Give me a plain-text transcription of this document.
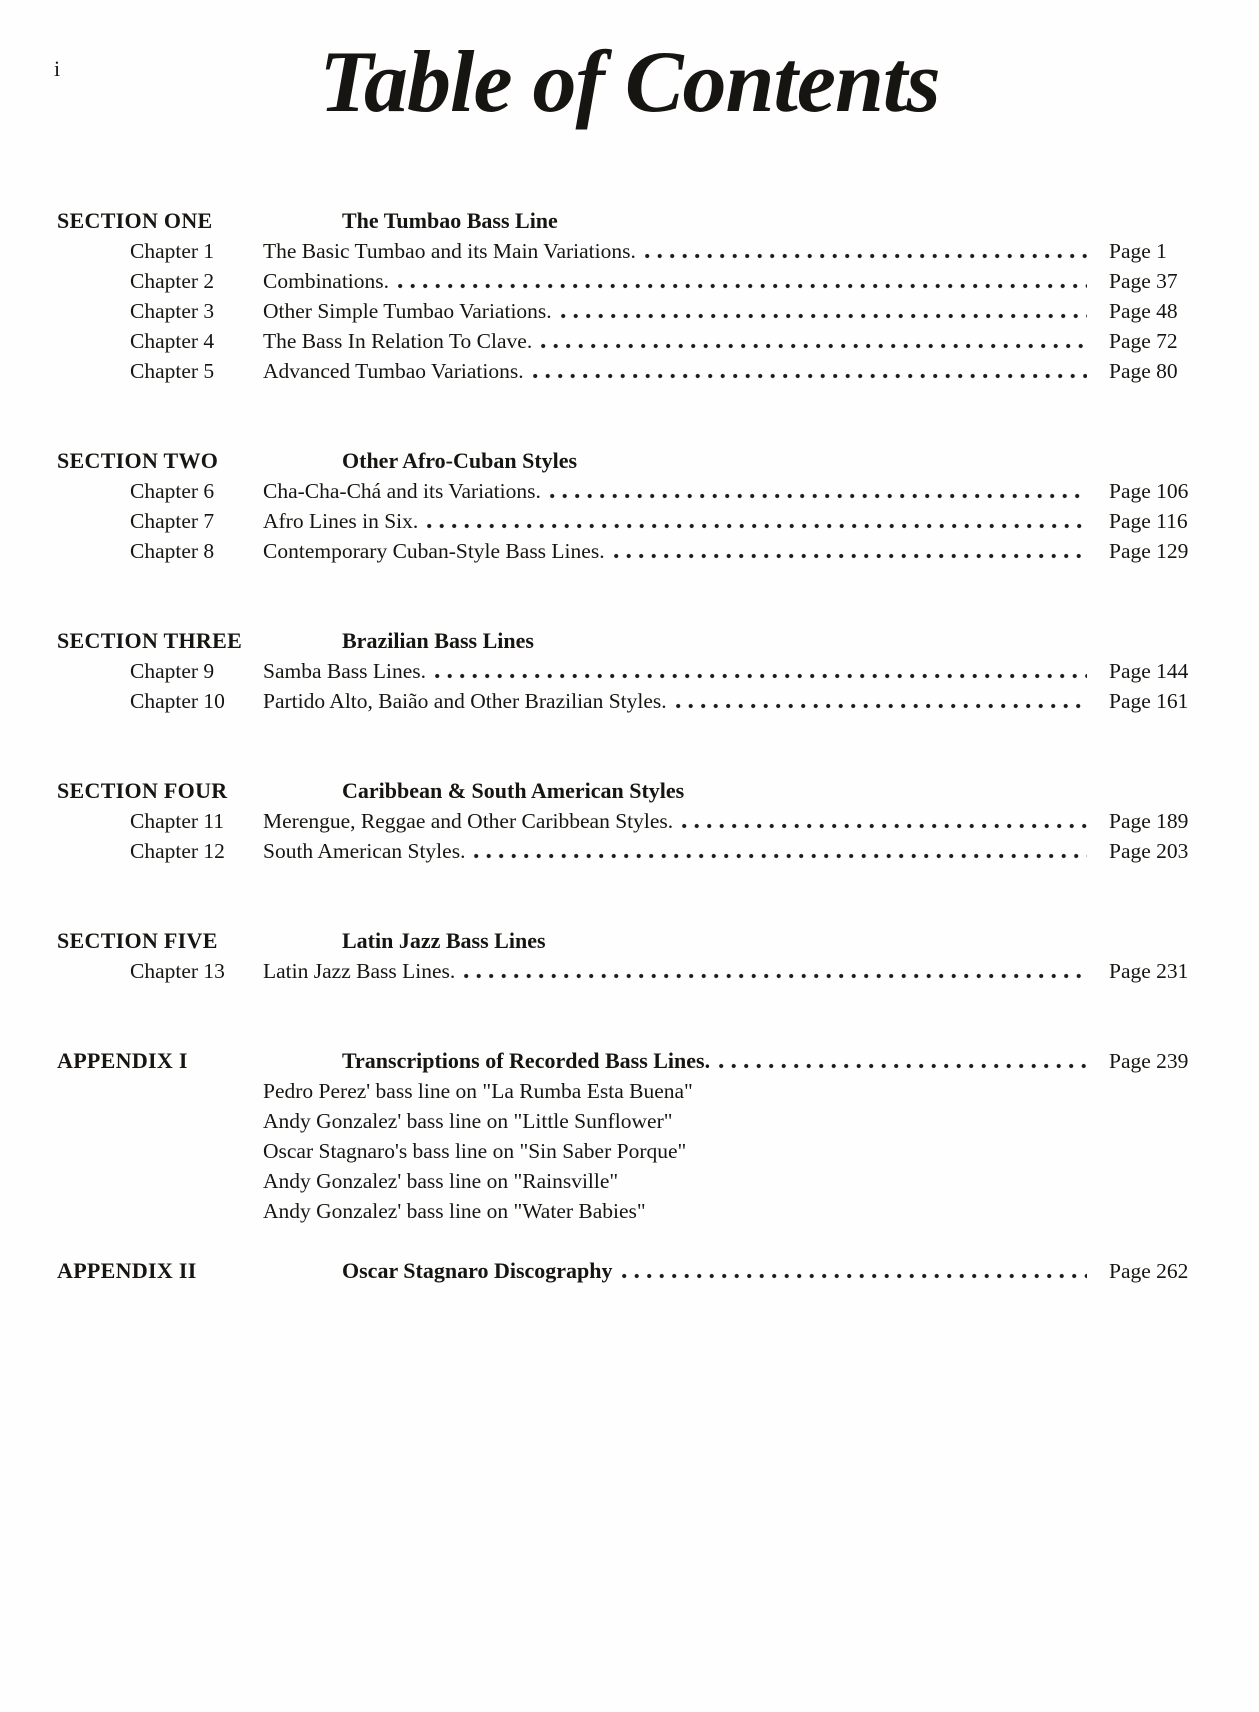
i	Table of Contents
SECTION ONE	The Tumbao Bass Line
Chapter 1	The Basic Tumbao and its Main Variations.	Page 1
Chapter 2	Combinations.	Page 37
Chapter 3	Other Simple Tumbao Variations.	Page 48
Chapter 4	The Bass In Relation To Clave.	Page 72
Chapter 5	Advanced Tumbao Variations.	Page 80
SECTION TWO	Other Afro-Cuban Styles
Chapter 6	Cha-Cha-Chá and its Variations.	Page 106
Chapter 7	Afro Lines in Six.	Page 116
Chapter 8	Contemporary Cuban-Style Bass Lines.	Page 129
SECTION THREE	Brazilian Bass Lines
Chapter 9	Samba Bass Lines.	Page 144
Chapter 10	Partido Alto, Baião and Other Brazilian Styles.	Page 161
SECTION FOUR	Caribbean & South American Styles
Chapter 11	Merengue, Reggae and Other Caribbean Styles.	Page 189
Chapter 12	South American Styles.	Page 203
SECTION FIVE	Latin Jazz Bass Lines
Chapter 13	Latin Jazz Bass Lines.	Page 231
APPENDIX I	Transcriptions of Recorded Bass Lines.	Page 239
Pedro Perez' bass line on "La Rumba Esta Buena"
Andy Gonzalez' bass line on "Little Sunflower"
Oscar Stagnaro's bass line on "Sin Saber Porque"
Andy Gonzalez' bass line on "Rainsville"
Andy Gonzalez' bass line on "Water Babies"
APPENDIX II	Oscar Stagnaro Discography	Page 262
